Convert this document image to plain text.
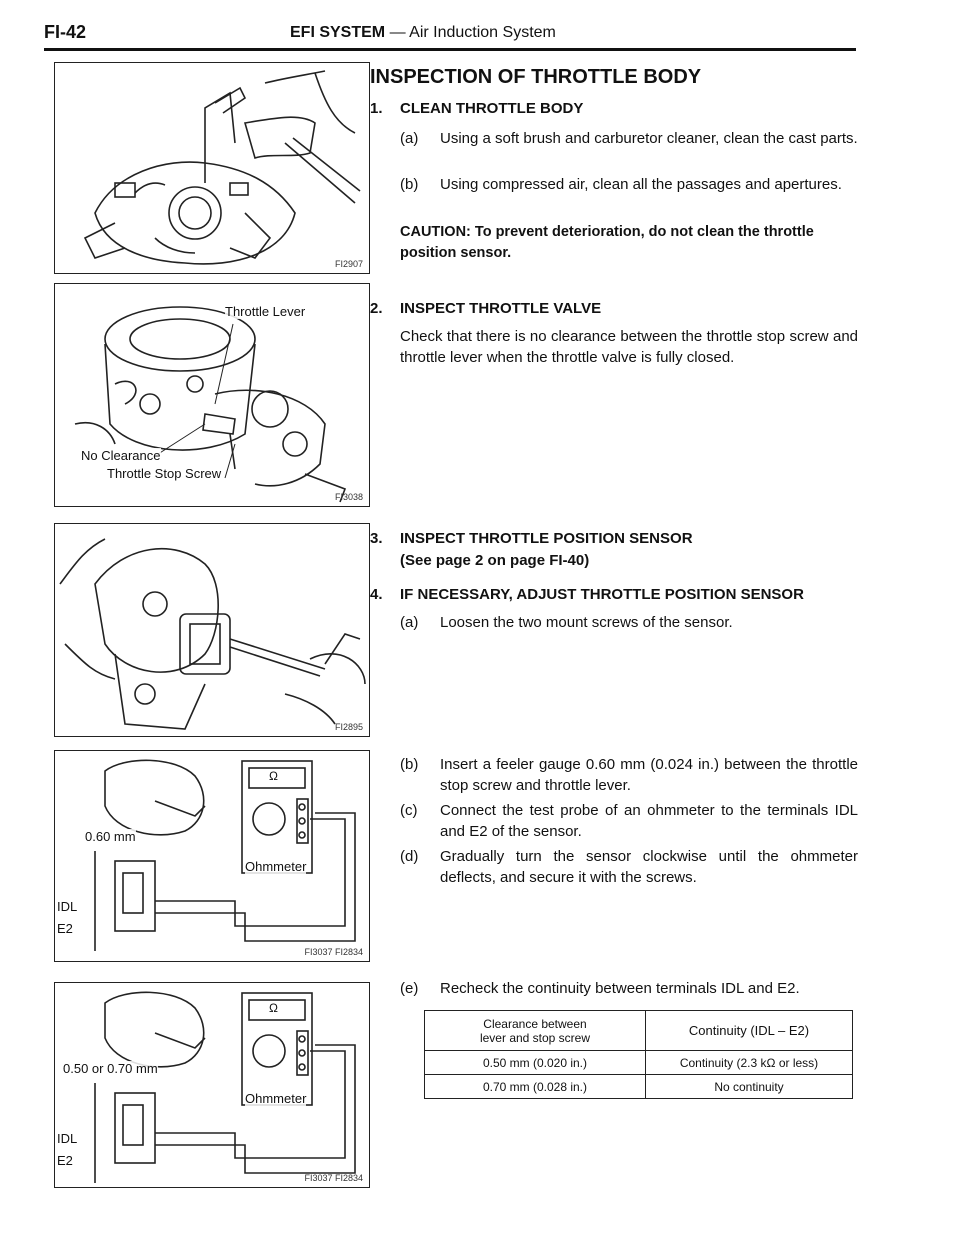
FI-42	EFI SYSTEM — Air Induction System
FI2907
Throttle Lever
No Clearance
Throttle Stop Screw
FI3038
FI2895
Ω
0.60 mm
Ohmmeter
IDL
E2
FI3037 FI2834
Ω
0.50 or 0.70 mm
Ohmmeter
IDL
E2
FI3037 FI2834
INSPECTION OF THROTTLE BODY
1. CLEAN THROTTLE BODY
(a)	Using a soft brush and carburetor cleaner, clean the cast parts.
(b)	Using compressed air, clean all the passages and apertures.
CAUTION: To prevent deterioration, do not clean the throttle position sensor.
2. INSPECT THROTTLE VALVE
Check that there is no clearance between the throttle stop screw and throttle lever when the throttle valve is fully closed.
3. INSPECT THROTTLE POSITION SENSOR
(See page 2 on page FI-40)
4. IF NECESSARY, ADJUST THROTTLE POSITION SENSOR
(a)	Loosen the two mount screws of the sensor.
(b)	Insert a feeler gauge 0.60 mm (0.024 in.) between the throttle stop screw and throttle lever.
(c)	Connect the test probe of an ohmmeter to the terminals IDL and E2 of the sensor.
(d)	Gradually turn the sensor clockwise until the ohmmeter deflects, and secure it with the screws.
(e)	Recheck the continuity between terminals IDL and E2.
Clearance between
lever and stop screw	Continuity (IDL – E2)
0.50 mm (0.020 in.)	Continuity (2.3 kΩ or less)
0.70 mm (0.028 in.)	No continuity
